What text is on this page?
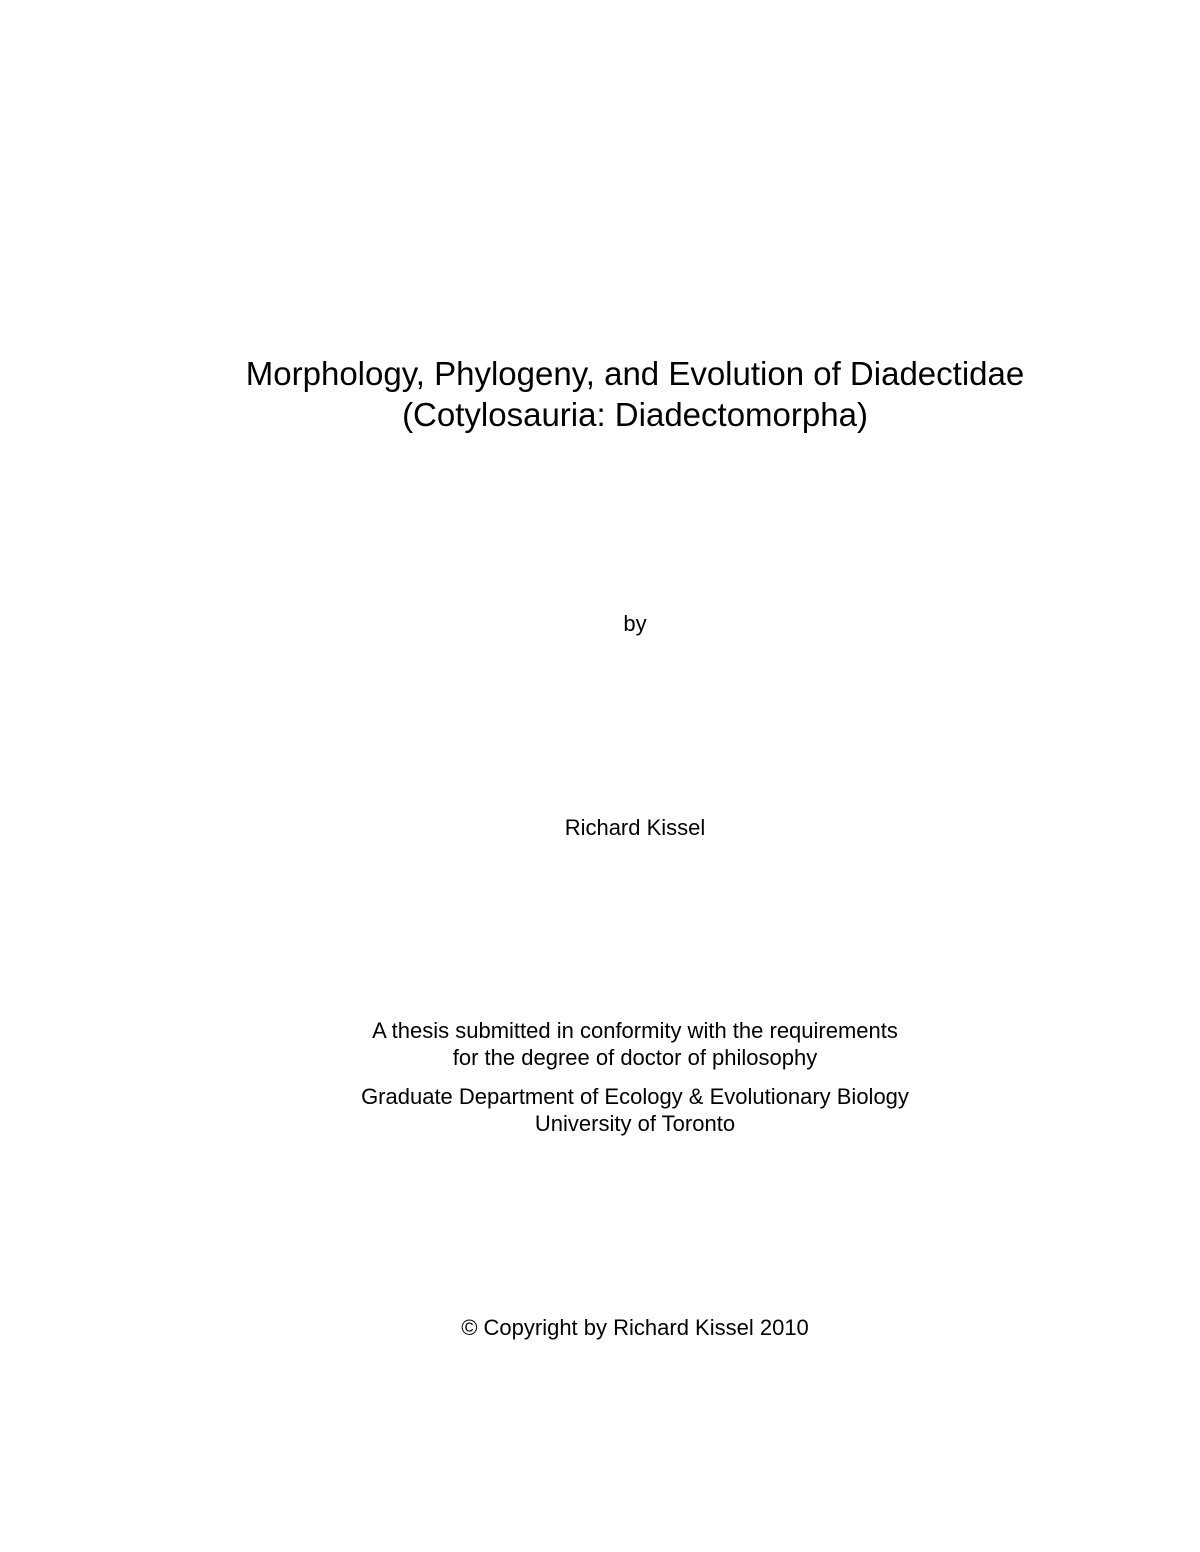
Morphology, Phylogeny, and Evolution of Diadectidae
(Cotylosauria: Diadectomorpha)
by
Richard Kissel
A thesis submitted in conformity with the requirements
for the degree of doctor of philosophy
Graduate Department of Ecology & Evolutionary Biology
University of Toronto
© Copyright by Richard Kissel 2010
